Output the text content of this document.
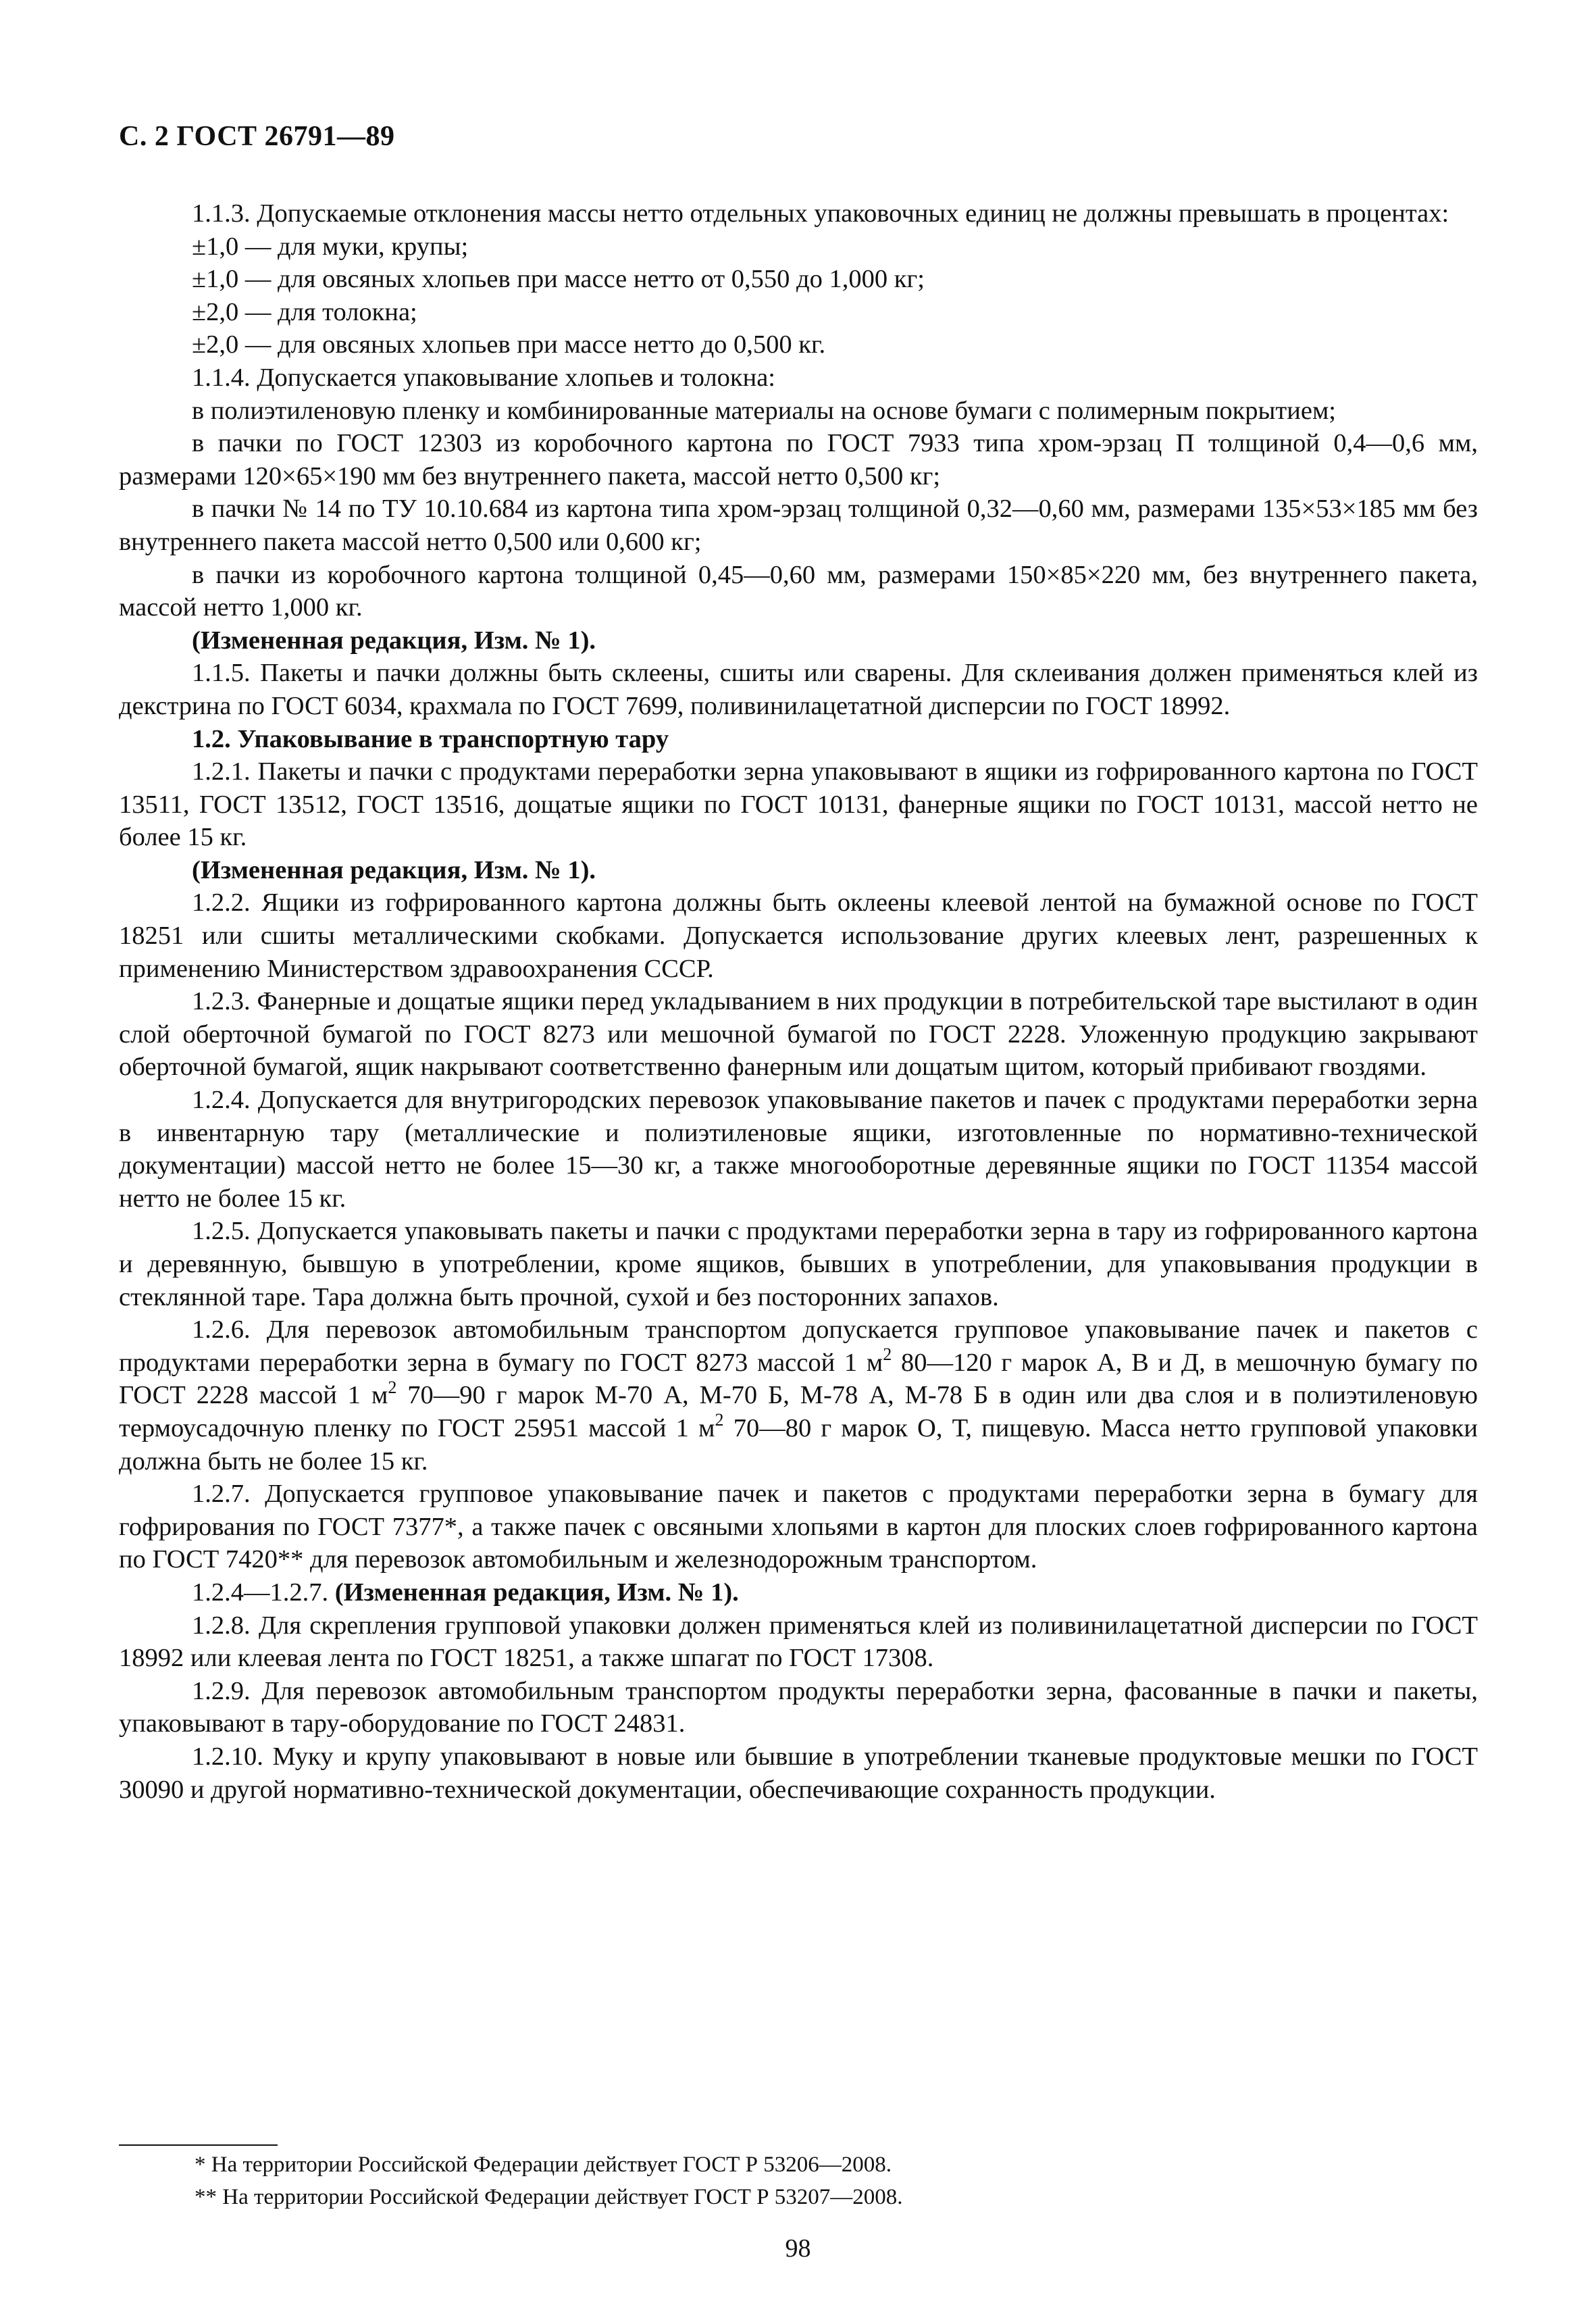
С. 2 ГОСТ 26791—89

1.1.3. Допускаемые отклонения массы нетто отдельных упаковочных единиц не должны превышать в процентах:

±1,0 — для муки, крупы;

±1,0 — для овсяных хлопьев при массе нетто от 0,550 до 1,000 кг;

±2,0 — для толокна;

±2,0 — для овсяных хлопьев при массе нетто до 0,500 кг.

1.1.4. Допускается упаковывание хлопьев и толокна:

в полиэтиленовую пленку и комбинированные материалы на основе бумаги с полимерным покрытием;

в пачки по ГОСТ 12303 из коробочного картона по ГОСТ 7933 типа хром-эрзац П толщиной 0,4—0,6 мм, размерами 120×65×190 мм без внутреннего пакета, массой нетто 0,500 кг;

в пачки № 14 по ТУ 10.10.684 из картона типа хром-эрзац толщиной 0,32—0,60 мм, размерами 135×53×185 мм без внутреннего пакета массой нетто 0,500 или 0,600 кг;

в пачки из коробочного картона толщиной 0,45—0,60 мм, размерами 150×85×220 мм, без внутреннего пакета, массой нетто 1,000 кг.

(Измененная редакция, Изм. № 1).

1.1.5. Пакеты и пачки должны быть склеены, сшиты или сварены. Для склеивания должен применяться клей из декстрина по ГОСТ 6034, крахмала по ГОСТ 7699, поливинилацетатной дисперсии по ГОСТ 18992.

1.2. Упаковывание в транспортную тару

1.2.1. Пакеты и пачки с продуктами переработки зерна упаковывают в ящики из гофрированного картона по ГОСТ 13511, ГОСТ 13512, ГОСТ 13516, дощатые ящики по ГОСТ 10131, фанерные ящики по ГОСТ 10131, массой нетто не более 15 кг.

(Измененная редакция, Изм. № 1).

1.2.2. Ящики из гофрированного картона должны быть оклеены клеевой лентой на бумажной основе по ГОСТ 18251 или сшиты металлическими скобками. Допускается использование других клеевых лент, разрешенных к применению Министерством здравоохранения СССР.

1.2.3. Фанерные и дощатые ящики перед укладыванием в них продукции в потребительской таре выстилают в один слой оберточной бумагой по ГОСТ 8273 или мешочной бумагой по ГОСТ 2228. Уложенную продукцию закрывают оберточной бумагой, ящик накрывают соответственно фанерным или дощатым щитом, который прибивают гвоздями.

1.2.4. Допускается для внутригородских перевозок упаковывание пакетов и пачек с продуктами переработки зерна в инвентарную тару (металлические и полиэтиленовые ящики, изготовленные по нормативно-технической документации) массой нетто не более 15—30 кг, а также многооборотные деревянные ящики по ГОСТ 11354 массой нетто не более 15 кг.

1.2.5. Допускается упаковывать пакеты и пачки с продуктами переработки зерна в тару из гофрированного картона и деревянную, бывшую в употреблении, кроме ящиков, бывших в употреблении, для упаковывания продукции в стеклянной таре. Тара должна быть прочной, сухой и без посторонних запахов.

1.2.6. Для перевозок автомобильным транспортом допускается групповое упаковывание пачек и пакетов с продуктами переработки зерна в бумагу по ГОСТ 8273 массой 1 $м^2$ 80—120 г марок А, В и Д, в мешочную бумагу по ГОСТ 2228 массой 1 $м^2$ 70—90 г марок М-70 А, М-70 Б, М-78 А, М-78 Б в один или два слоя и в полиэтиленовую термоусадочную пленку по ГОСТ 25951 массой 1 $м^2$ 70—80 г марок О, Т, пищевую. Масса нетто групповой упаковки должна быть не более 15 кг.

1.2.7. Допускается групповое упаковывание пачек и пакетов с продуктами переработки зерна в бумагу для гофрирования по ГОСТ 7377*, а также пачек с овсяными хлопьями в картон для плоских слоев гофрированного картона по ГОСТ 7420** для перевозок автомобильным и железнодорожным транспортом.

1.2.4—1.2.7. (Измененная редакция, Изм. № 1).

1.2.8. Для скрепления групповой упаковки должен применяться клей из поливинилацетатной дисперсии по ГОСТ 18992 или клеевая лента по ГОСТ 18251, а также шпагат по ГОСТ 17308.

1.2.9. Для перевозок автомобильным транспортом продукты переработки зерна, фасованные в пачки и пакеты, упаковывают в тару-оборудование по ГОСТ 24831.

1.2.10. Муку и крупу упаковывают в новые или бывшие в употреблении тканевые продуктовые мешки по ГОСТ 30090 и другой нормативно-технической документации, обеспечивающие сохранность продукции.

* На территории Российской Федерации действует ГОСТ Р 53206—2008.
** На территории Российской Федерации действует ГОСТ Р 53207—2008.
98
